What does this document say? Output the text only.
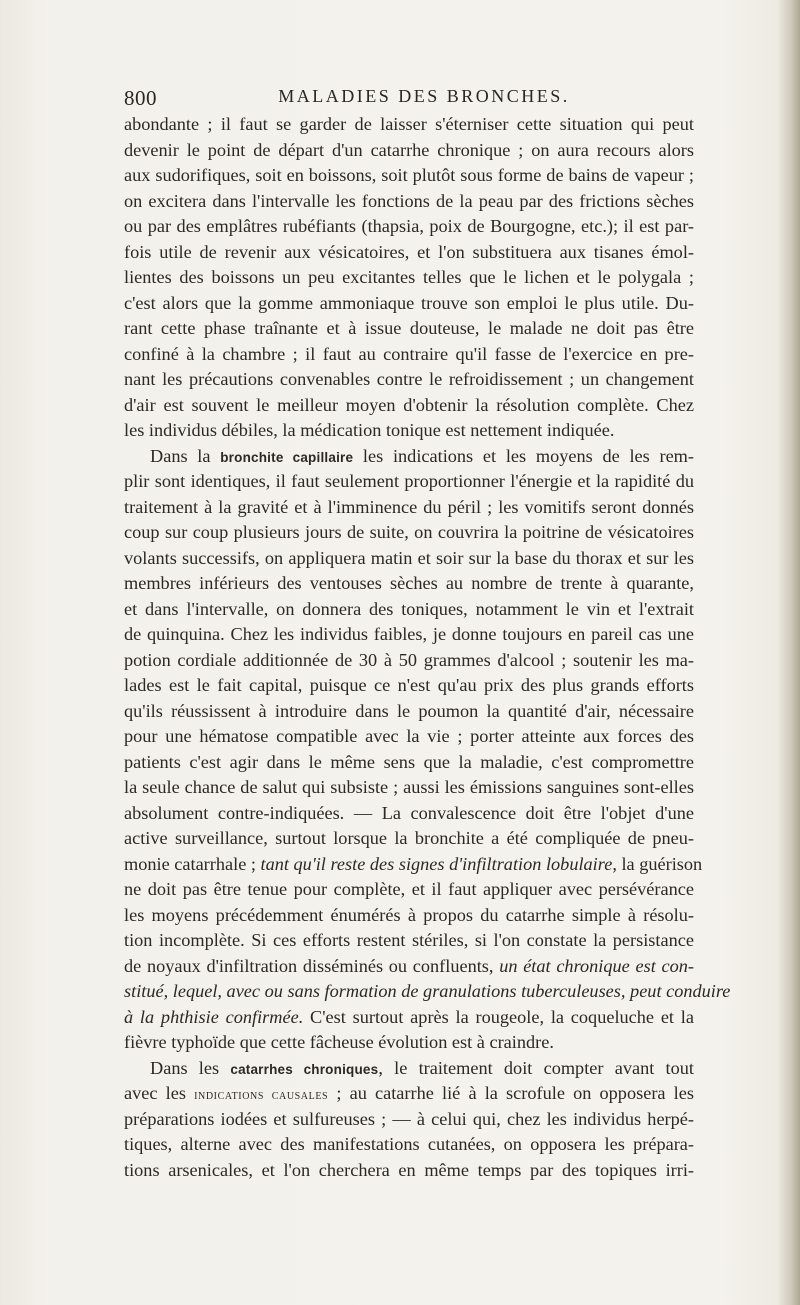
800	MALADIES DES BRONCHES.
abondante ; il faut se garder de laisser s'éterniser cette situation qui peut
devenir le point de départ d'un catarrhe chronique ; on aura recours alors
aux sudorifiques, soit en boissons, soit plutôt sous forme de bains de vapeur ;
on excitera dans l'intervalle les fonctions de la peau par des frictions sèches
ou par des emplâtres rubéfiants (thapsia, poix de Bourgogne, etc.); il est par-
fois utile de revenir aux vésicatoires, et l'on substituera aux tisanes émol-
lientes des boissons un peu excitantes telles que le lichen et le polygala ;
c'est alors que la gomme ammoniaque trouve son emploi le plus utile. Du-
rant cette phase traînante et à issue douteuse, le malade ne doit pas être
confiné à la chambre ; il faut au contraire qu'il fasse de l'exercice en pre-
nant les précautions convenables contre le refroidissement ; un changement
d'air est souvent le meilleur moyen d'obtenir la résolution complète. Chez
les individus débiles, la médication tonique est nettement indiquée.
Dans la bronchite capillaire les indications et les moyens de les rem-
plir sont identiques, il faut seulement proportionner l'énergie et la rapidité du
traitement à la gravité et à l'imminence du péril ; les vomitifs seront donnés
coup sur coup plusieurs jours de suite, on couvrira la poitrine de vésicatoires
volants successifs, on appliquera matin et soir sur la base du thorax et sur les
membres inférieurs des ventouses sèches au nombre de trente à quarante,
et dans l'intervalle, on donnera des toniques, notamment le vin et l'extrait
de quinquina. Chez les individus faibles, je donne toujours en pareil cas une
potion cordiale additionnée de 30 à 50 grammes d'alcool ; soutenir les ma-
lades est le fait capital, puisque ce n'est qu'au prix des plus grands efforts
qu'ils réussissent à introduire dans le poumon la quantité d'air, nécessaire
pour une hématose compatible avec la vie ; porter atteinte aux forces des
patients c'est agir dans le même sens que la maladie, c'est compromettre
la seule chance de salut qui subsiste ; aussi les émissions sanguines sont-elles
absolument contre-indiquées. — La convalescence doit être l'objet d'une
active surveillance, surtout lorsque la bronchite a été compliquée de pneu-
monie catarrhale ; tant qu'il reste des signes d'infiltration lobulaire, la guérison
ne doit pas être tenue pour complète, et il faut appliquer avec persévérance
les moyens précédemment énumérés à propos du catarrhe simple à résolu-
tion incomplète. Si ces efforts restent stériles, si l'on constate la persistance
de noyaux d'infiltration disséminés ou confluents, un état chronique est con-
stitué, lequel, avec ou sans formation de granulations tuberculeuses, peut conduire
à la phthisie confirmée. C'est surtout après la rougeole, la coqueluche et la
fièvre typhoïde que cette fâcheuse évolution est à craindre.
Dans les catarrhes chroniques, le traitement doit compter avant tout
avec les indications causales ; au catarrhe lié à la scrofule on opposera les
préparations iodées et sulfureuses ; — à celui qui, chez les individus herpé-
tiques, alterne avec des manifestations cutanées, on opposera les prépara-
tions arsenicales, et l'on cherchera en même temps par des topiques irri-
